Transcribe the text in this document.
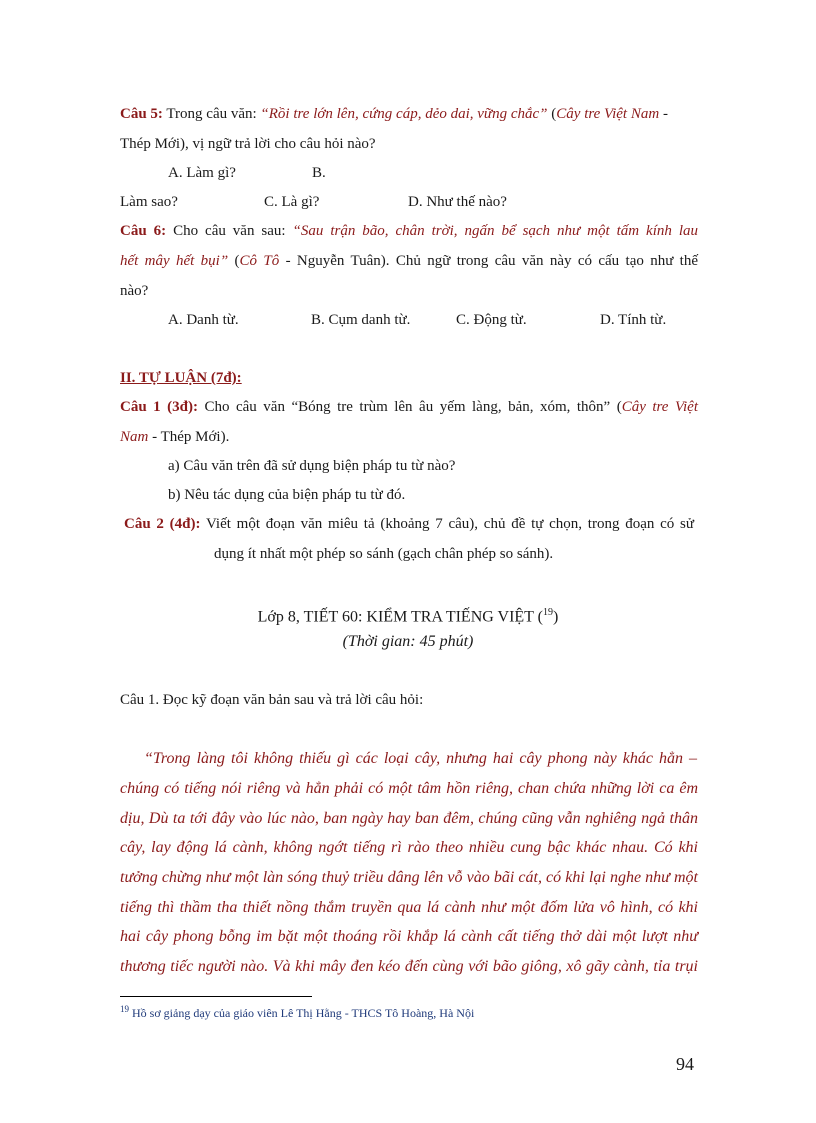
Câu 5: Trong câu văn: “Rồi tre lớn lên, cứng cáp, dẻo dai, vững chắc” (Cây tre Việt Nam -
Thép Mới), vị ngữ trả lời cho câu hỏi nào?
A. Làm gì?	B.
Làm sao?	C. Là gì?	D. Như thế nào?
Câu 6: Cho câu văn sau: “Sau trận bão, chân trời, ngấn bể sạch như một tấm kính lau
hết mây hết bụi” (Cô Tô - Nguyễn Tuân). Chủ ngữ trong câu văn này có cấu tạo như thế
nào?
A. Danh từ.	B. Cụm danh từ.	C. Động từ.	D. Tính từ.
II. TỰ LUẬN (7đ):
Câu 1 (3đ): Cho câu văn “Bóng tre trùm lên âu yếm làng, bản, xóm, thôn” (Cây tre Việt
Nam - Thép Mới).
a) Câu văn trên đã sử dụng biện pháp tu từ nào?
b) Nêu tác dụng của biện pháp tu từ đó.
Câu 2 (4đ): Viết một đoạn văn miêu tả (khoảng 7 câu), chủ đề tự chọn, trong đoạn có sử
dụng ít nhất một phép so sánh (gạch chân phép so sánh).
Lớp 8, TIẾT 60: KIỂM TRA TIẾNG VIỆT ($^{19}$)
(Thời gian: 45 phút)
Câu 1. Đọc kỹ đoạn văn bản sau và trả lời câu hỏi:
“Trong làng tôi không thiếu gì các loại cây, nhưng hai cây phong này khác hẳn –
chúng có tiếng nói riêng và hẳn phải có một tâm hồn riêng, chan chứa những lời ca êm
dịu, Dù ta tới đây vào lúc nào, ban ngày hay ban đêm, chúng cũng vẫn nghiêng ngả thân
cây, lay động lá cành, không ngớt tiếng rì rào theo nhiều cung bậc khác nhau. Có khi
tưởng chừng như một làn sóng thuỷ triều dâng lên vỗ vào bãi cát, có khi lại nghe như một
tiếng thì thầm tha thiết nồng thắm truyền qua lá cành như một đốm lửa vô hình, có khi
hai cây phong bỗng im bặt một thoáng rồi khắp lá cành cất tiếng thở dài một lượt như
thương tiếc người nào. Và khi mây đen kéo đến cùng với bão giông, xô gãy cành, tỉa trụi
$^{19}$ Hồ sơ giảng dạy của giáo viên Lê Thị Hằng - THCS Tô Hoàng, Hà Nội
94
